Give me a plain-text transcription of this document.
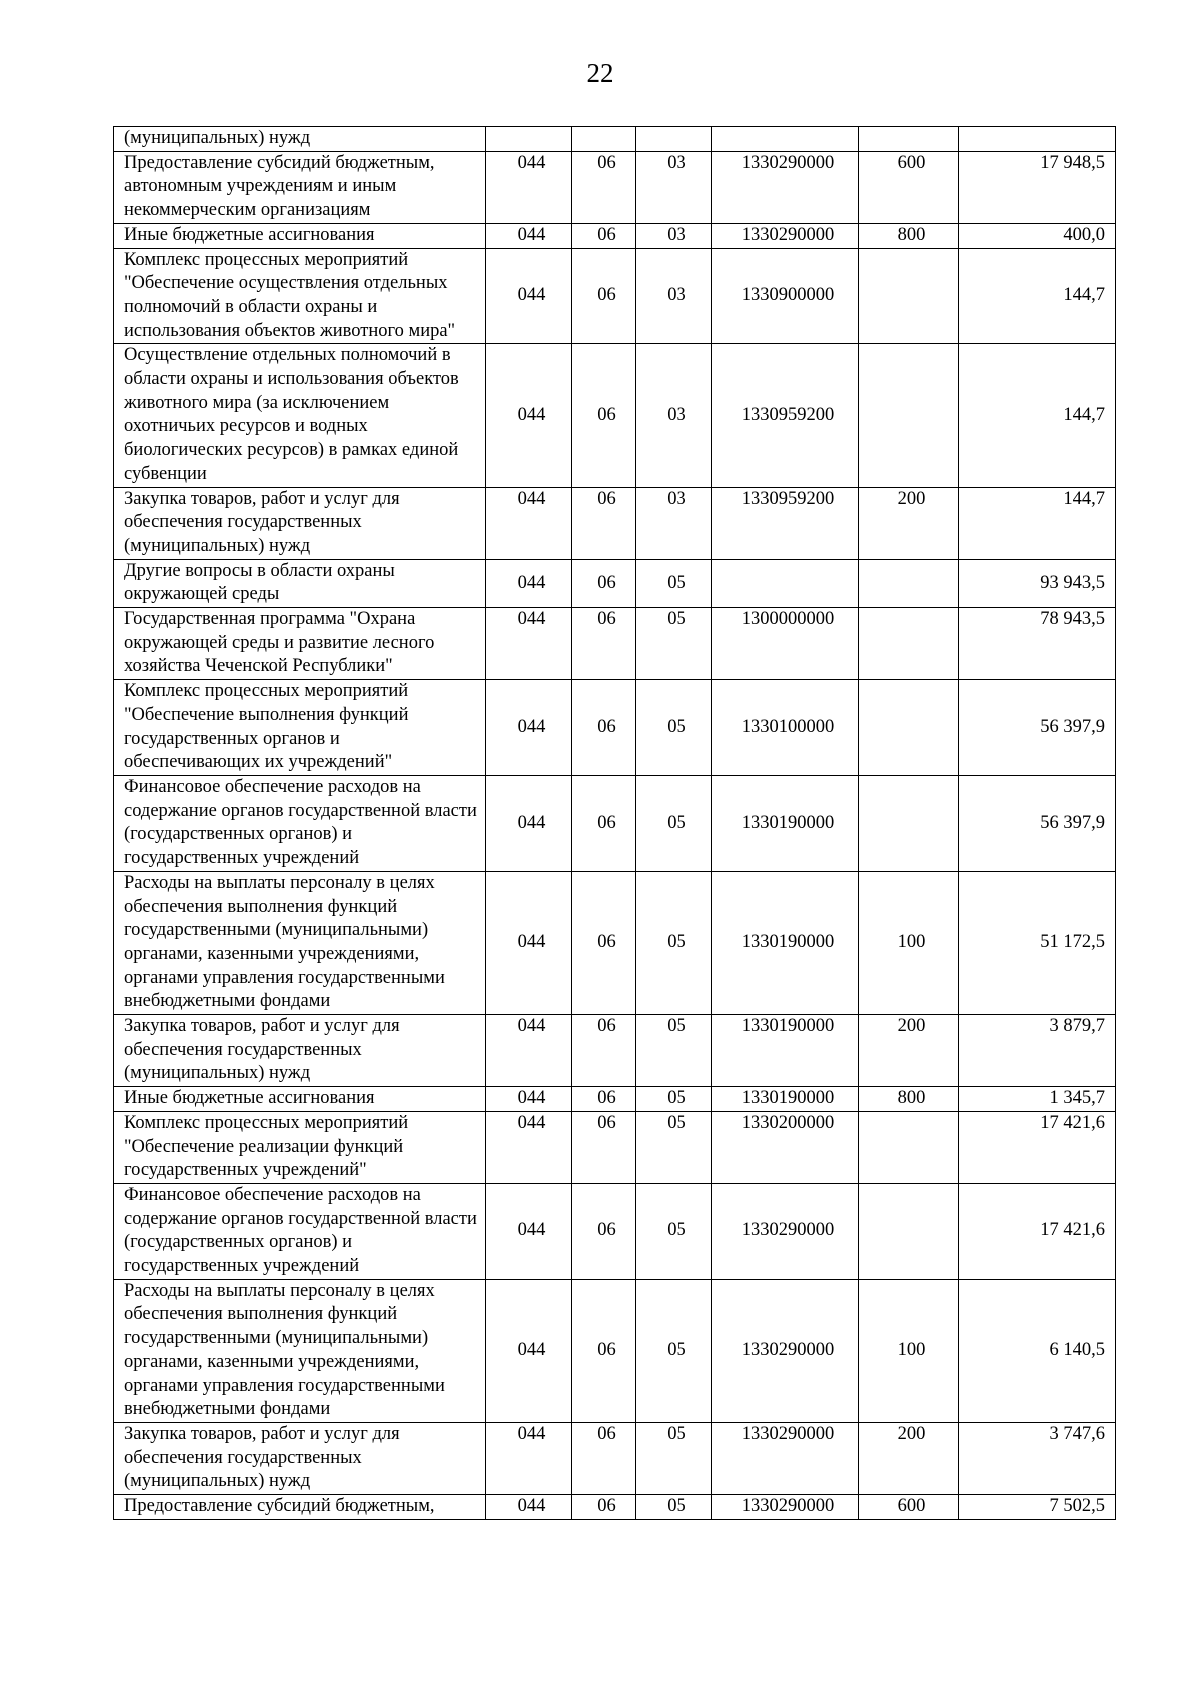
22
(муниципальных) нужд						
Предоставление субсидий бюджетным, автономным учреждениям и иным некоммерческим организациям	044	06	03	1330290000	600	17 948,5
Иные бюджетные ассигнования	044	06	03	1330290000	800	400,0
Комплекс процессных мероприятий "Обеспечение осуществления отдельных полномочий в области охраны и использования объектов животного мира"	044	06	03	1330900000		144,7
Осуществление отдельных полномочий в области охраны и использования объектов животного мира (за исключением охотничьих ресурсов и водных биологических ресурсов) в рамках единой субвенции	044	06	03	1330959200		144,7
Закупка товаров, работ и услуг для обеспечения государственных (муниципальных) нужд	044	06	03	1330959200	200	144,7
Другие вопросы в области охраны окружающей среды	044	06	05			93 943,5
Государственная программа "Охрана окружающей среды и развитие лесного хозяйства Чеченской Республики"	044	06	05	1300000000		78 943,5
Комплекс процессных мероприятий "Обеспечение выполнения функций государственных органов и обеспечивающих их учреждений"	044	06	05	1330100000		56 397,9
Финансовое обеспечение расходов на содержание органов государственной власти (государственных органов) и государственных учреждений	044	06	05	1330190000		56 397,9
Расходы на выплаты персоналу в целях обеспечения выполнения функций государственными (муниципальными) органами, казенными учреждениями, органами управления государственными внебюджетными фондами	044	06	05	1330190000	100	51 172,5
Закупка товаров, работ и услуг для обеспечения государственных (муниципальных) нужд	044	06	05	1330190000	200	3 879,7
Иные бюджетные ассигнования	044	06	05	1330190000	800	1 345,7
Комплекс процессных мероприятий "Обеспечение реализации функций государственных учреждений"	044	06	05	1330200000		17 421,6
Финансовое обеспечение расходов на содержание органов государственной власти (государственных органов) и государственных учреждений	044	06	05	1330290000		17 421,6
Расходы на выплаты персоналу в целях обеспечения выполнения функций государственными (муниципальными) органами, казенными учреждениями, органами управления государственными внебюджетными фондами	044	06	05	1330290000	100	6 140,5
Закупка товаров, работ и услуг для обеспечения государственных (муниципальных) нужд	044	06	05	1330290000	200	3 747,6
Предоставление субсидий бюджетным,	044	06	05	1330290000	600	7 502,5
